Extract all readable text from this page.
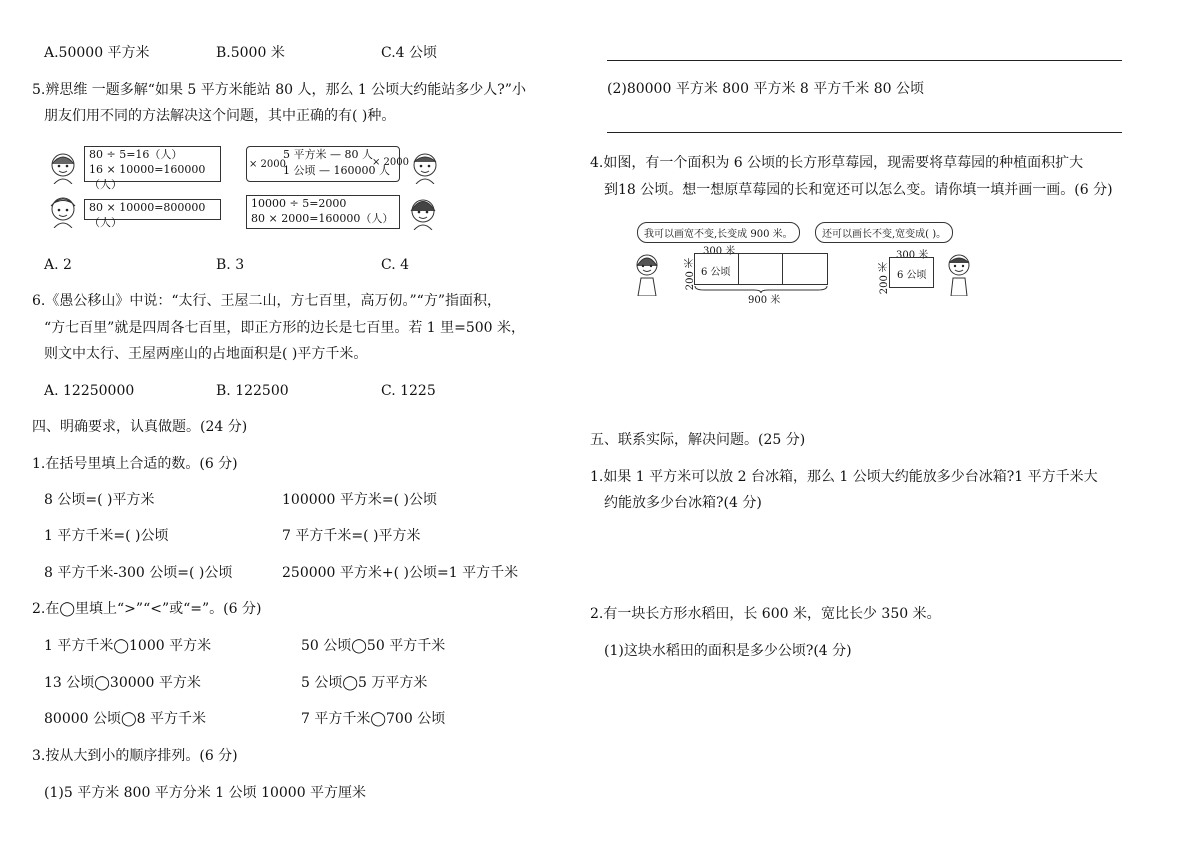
A.50000 平方米	B.5000 米	C.4 公顷
5.辨思维 一题多解“如果 5 平方米能站 80 人，那么 1 公顷大约能站多少人?”小
朋友们用不同的方法解决这个问题，其中正确的有( )种。
80 ÷ 5=16（人）
16 × 10000=160000（人）
80 × 10000=800000（人）
× 2000
5 平方米 — 80 人
1 公顷 — 160000 人
× 2000
10000 ÷ 5=2000
80 × 2000=160000（人）
A. 2	B. 3	C. 4
6.《愚公移山》中说：“太行、王屋二山，方七百里，高万仞。”“方”指面积，
“方七百里”就是四周各七百里，即正方形的边长是七百里。若 1 里=500 米，
则文中太行、王屋两座山的占地面积是( )平方千米。
A. 12250000	B. 122500	C. 1225
四、明确要求，认真做题。(24 分)
1.在括号里填上合适的数。(6 分)
8 公顷=( )平方米	100000 平方米=( )公顷
1 平方千米=( )公顷	7 平方千米=( )平方米
8 平方千米-300 公顷=( )公顷	250000 平方米+( )公顷=1 平方千米
2.在◯里填上“>”“<”或“=”。(6 分)
1 平方千米◯1000 平方米	50 公顷◯50 平方千米
13 公顷◯30000 平方米	5 公顷◯5 万平方米
80000 公顷◯8 平方千米	7 平方千米◯700 公顷
3.按从大到小的顺序排列。(6 分)
(1)5 平方米 800 平方分米 1 公顷 10000 平方厘米
(2)80000 平方米 800 平方米 8 平方千米 80 公顷
4.如图，有一个面积为 6 公顷的长方形草莓园，现需要将草莓园的种植面积扩大
到18 公顷。想一想原草莓园的长和宽还可以怎么变。请你填一填并画一画。(6 分)
我可以画宽不变,长变成 900 米。
300 米
200 米 6 公顷
900 米
还可以画长不变,宽变成( )。
300 米
200 米 6 公顷
五、联系实际，解决问题。(25 分)
1.如果 1 平方米可以放 2 台冰箱，那么 1 公顷大约能放多少台冰箱?1 平方千米大
约能放多少台冰箱?(4 分)
2.有一块长方形水稻田，长 600 米，宽比长少 350 米。
(1)这块水稻田的面积是多少公顷?(4 分)
